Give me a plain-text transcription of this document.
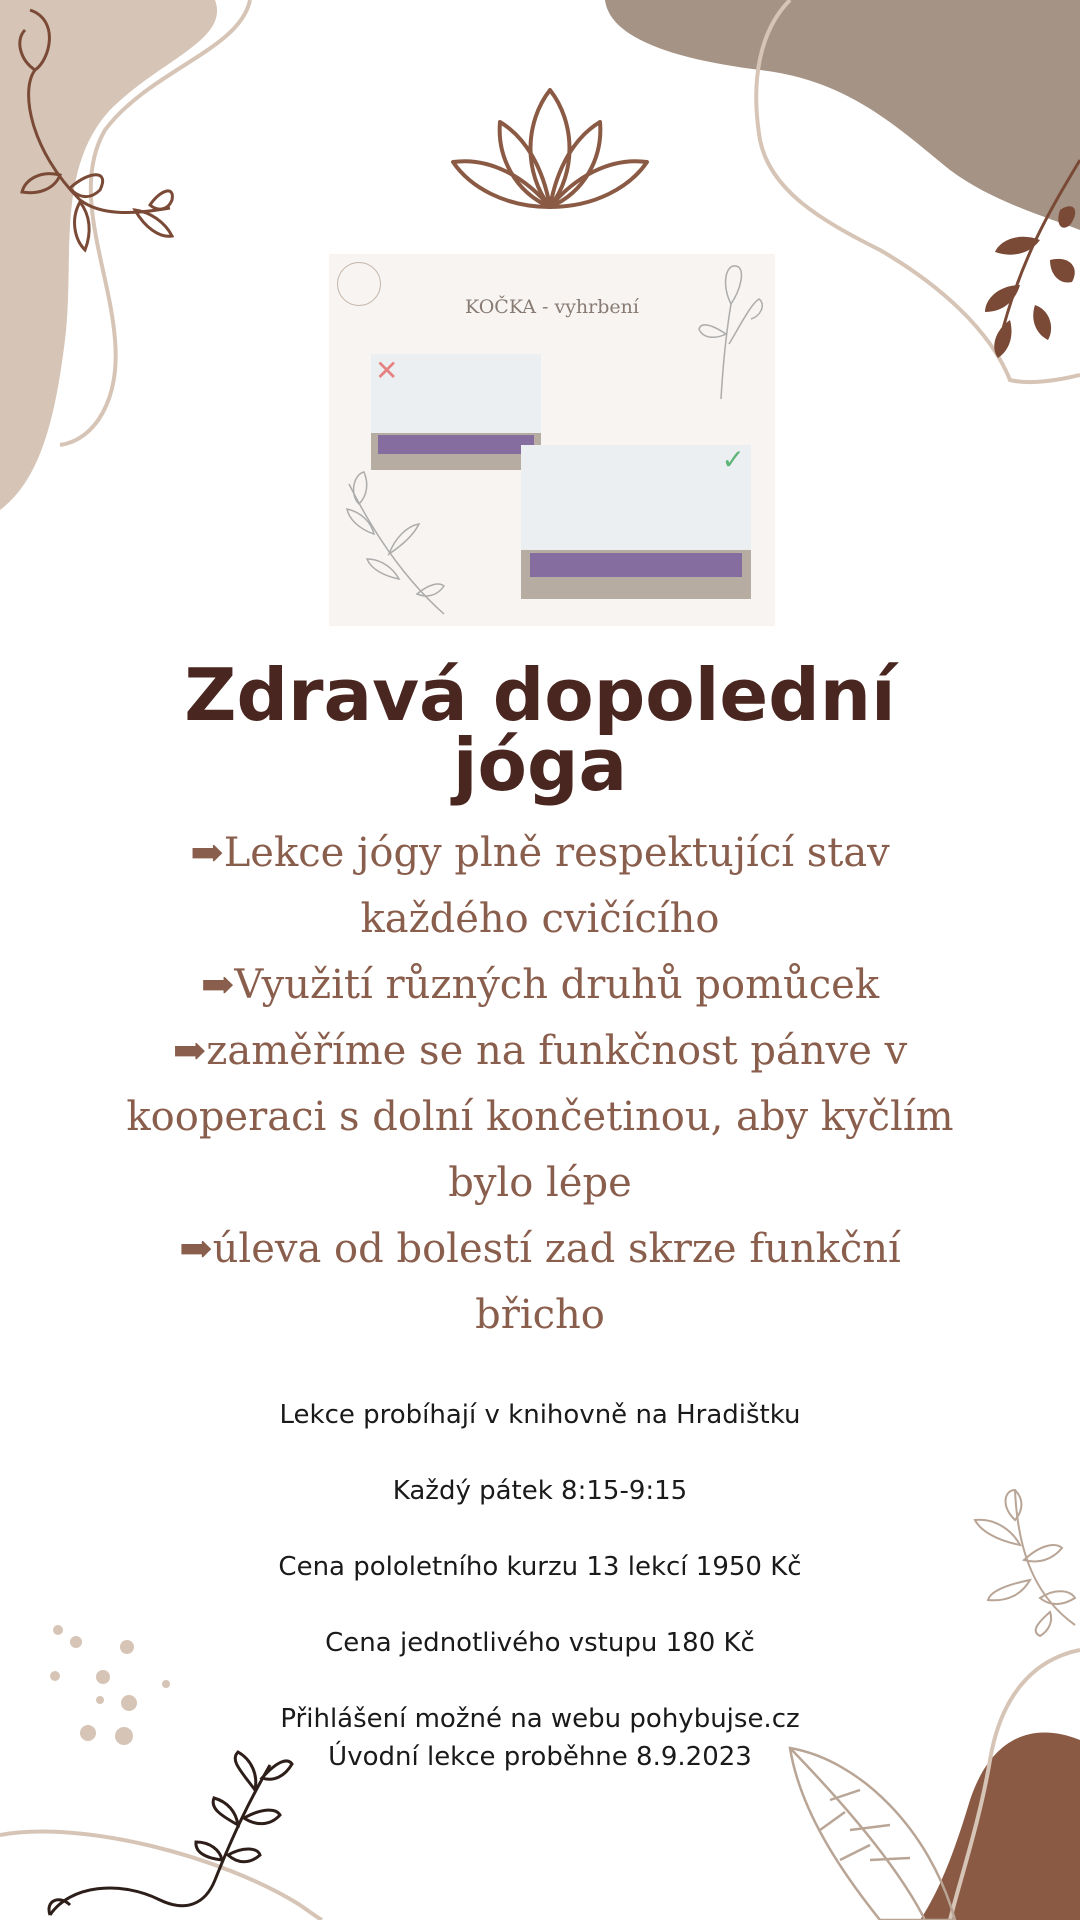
KOČKA - vyhrbení
✕
✓
Zdravá dopolední
jóga

➡Lekce jógy plně respektující stav každého cvičícího

➡Využití různých druhů pomůcek

➡zaměříme se na funkčnost pánve v kooperaci s dolní končetinou, aby kyčlím bylo lépe

➡úleva od bolestí zad skrze funkční břicho

Lekce probíhají v knihovně na Hradištku
Každý pátek 8:15-9:15
Cena pololetního kurzu 13 lekcí 1950 Kč
Cena jednotlivého vstupu 180 Kč
Přihlášení možné na webu pohybujse.cz
Úvodní lekce proběhne 8.9.2023
